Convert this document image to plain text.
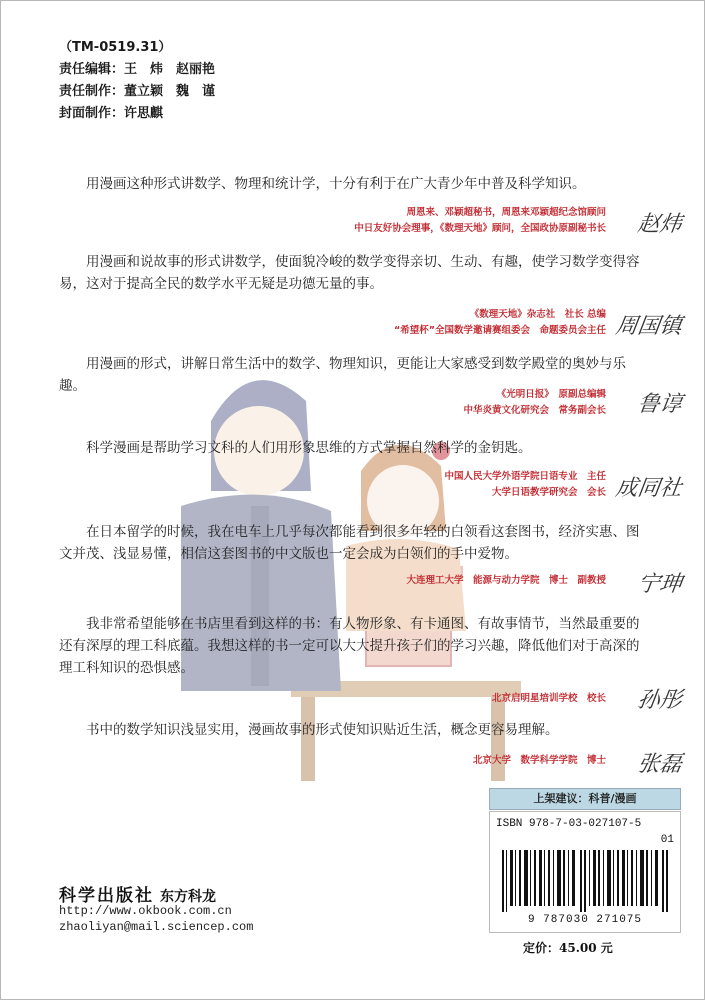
（TM-0519.31）
责任编辑：王　炜　赵丽艳
责任制作：董立颖　魏　谨
封面制作：许思麒
用漫画这种形式讲数学、物理和统计学，十分有利于在广大青少年中普及科学知识。
周恩来、邓颖超秘书，周恩来邓颖超纪念馆顾问
中日友好协会理事，《数理天地》顾问，全国政协原副秘书长 赵炜
用漫画和说故事的形式讲数学，使面貌冷峻的数学变得亲切、生动、有趣，使学习数学变得容易，这对于提高全民的数学水平无疑是功德无量的事。
《数理天地》杂志社　社长 总编
“希望杯”全国数学邀请赛组委会　命题委员会主任 周国镇
用漫画的形式，讲解日常生活中的数学、物理知识，更能让大家感受到数学殿堂的奥妙与乐趣。
《光明日报》　原副总编辑
中华炎黄文化研究会　常务副会长 鲁谆
科学漫画是帮助学习文科的人们用形象思维的方式掌握自然科学的金钥匙。
中国人民大学外语学院日语专业　主任
大学日语教学研究会　会长 成同社
在日本留学的时候，我在电车上几乎每次都能看到很多年轻的白领看这套图书，经济实惠、图文并茂、浅显易懂，相信这套图书的中文版也一定会成为白领们的手中爱物。
大连理工大学　能源与动力学院　博士　副教授 宁珅
我非常希望能够在书店里看到这样的书：有人物形象、有卡通图、有故事情节，当然最重要的还有深厚的理工科底蕴。我想这样的书一定可以大大提升孩子们的学习兴趣，降低他们对于高深的理工科知识的恐惧感。
北京启明星培训学校　校长 孙彤
书中的数学知识浅显实用，漫画故事的形式使知识贴近生活，概念更容易理解。
北京大学　数学科学学院　博士 张磊
科学出版社 东方科龙
http://www.okbook.com.cn
zhaoliyan@mail.sciencep.com
上架建议：科普/漫画
ISBN 978-7-03-027107-5
01
9 787030 271075
定价：45.00 元
